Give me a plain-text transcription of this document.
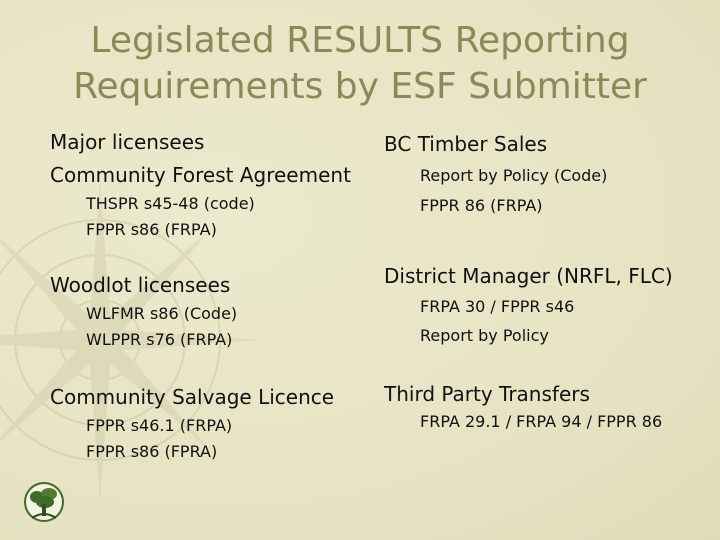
Legislated RESULTS Reporting
Requirements by ESF Submitter
Major licensees
Community Forest Agreement
THSPR s45-48 (code)
FPPR s86 (FRPA)
Woodlot licensees
WLFMR s86 (Code)
WLPPR s76 (FRPA)
Community Salvage Licence
FPPR s46.1 (FRPA)
FPPR s86 (FPRA)
BC Timber Sales
Report by Policy (Code)
FPPR 86 (FRPA)
District Manager (NRFL, FLC)
FRPA 30 / FPPR s46
Report by Policy
Third Party Transfers
FRPA 29.1 / FRPA 94 / FPPR 86
